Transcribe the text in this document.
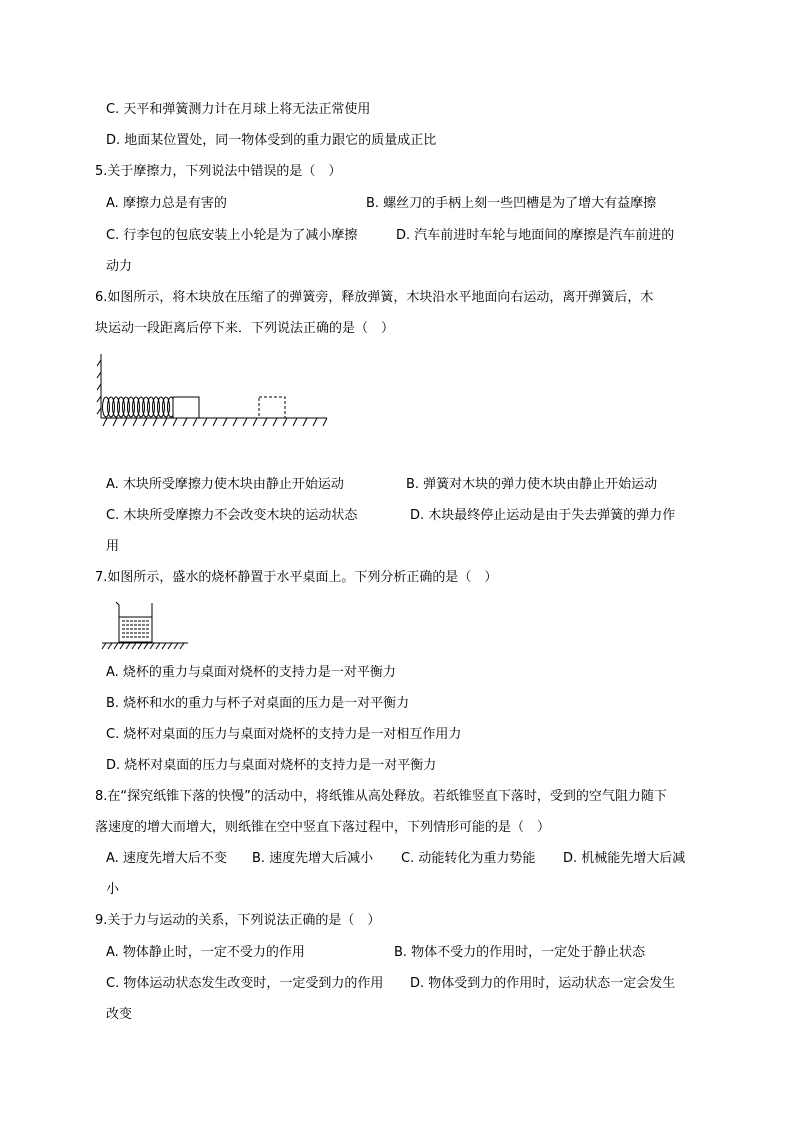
C. 天平和弹簧测力计在月球上将无法正常使用
D. 地面某位置处，同一物体受到的重力跟它的质量成正比
5.关于摩擦力，下列说法中错误的是（　）
A. 摩擦力总是有害的	B. 螺丝刀的手柄上刻一些凹槽是为了增大有益摩擦
C. 行李包的包底安装上小轮是为了减小摩擦	D. 汽车前进时车轮与地面间的摩擦是汽车前进的
动力
6.如图所示，将木块放在压缩了的弹簧旁，释放弹簧，木块沿水平地面向右运动，离开弹簧后，木
块运动一段距离后停下来．下列说法正确的是（　）
A. 木块所受摩擦力使木块由静止开始运动	B. 弹簧对木块的弹力使木块由静止开始运动
C. 木块所受摩擦力不会改变木块的运动状态	D. 木块最终停止运动是由于失去弹簧的弹力作
用
7.如图所示，盛水的烧杯静置于水平桌面上。下列分析正确的是（　）
A. 烧杯的重力与桌面对烧杯的支持力是一对平衡力
B. 烧杯和水的重力与杯子对桌面的压力是一对平衡力
C. 烧杯对桌面的压力与桌面对烧杯的支持力是一对相互作用力
D. 烧杯对桌面的压力与桌面对烧杯的支持力是一对平衡力
8.在“探究纸锥下落的快慢”的活动中，将纸锥从高处释放。若纸锥竖直下落时，受到的空气阻力随下
落速度的增大而增大，则纸锥在空中竖直下落过程中，下列情形可能的是（　）
A. 速度先增大后不变 B. 速度先增大后减小 C. 动能转化为重力势能 D. 机械能先增大后减
小
9.关于力与运动的关系，下列说法正确的是（　）
A. 物体静止时，一定不受力的作用	B. 物体不受力的作用时，一定处于静止状态
C. 物体运动状态发生改变时，一定受到力的作用 D. 物体受到力的作用时，运动状态一定会发生
改变
